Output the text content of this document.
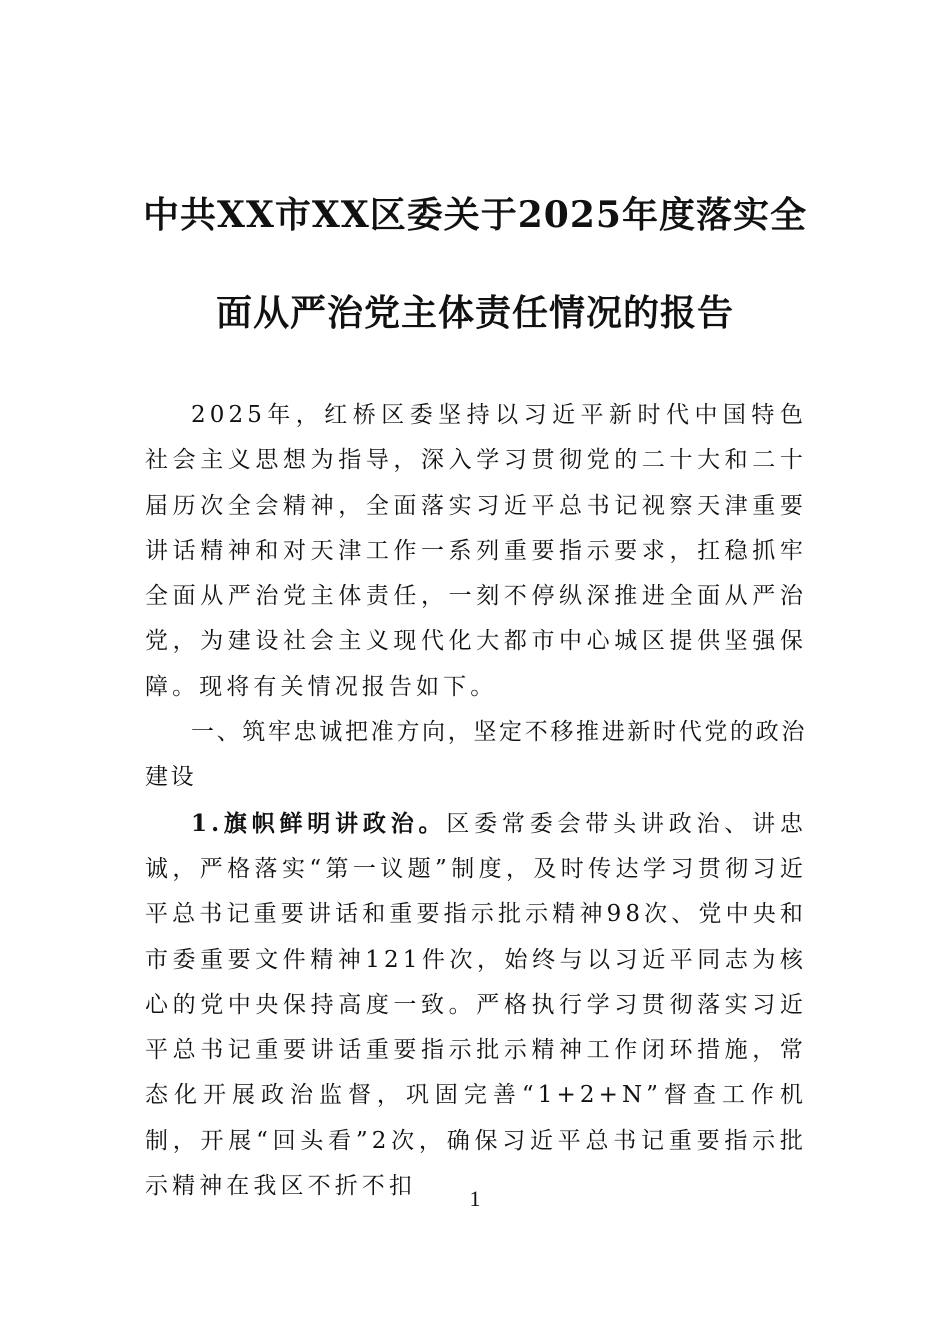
中共XX市XX区委关于2025年度落实全
面从严治党主体责任情况的报告

2025年，红桥区委坚持以习近平新时代中国特色社会主义思想为指导，深入学习贯彻党的二十大和二十届历次全会精神，全面落实习近平总书记视察天津重要讲话精神和对天津工作一系列重要指示要求，扛稳抓牢全面从严治党主体责任，一刻不停纵深推进全面从严治党，为建设社会主义现代化大都市中心城区提供坚强保障。现将有关情况报告如下。

一、筑牢忠诚把准方向，坚定不移推进新时代党的政治建设

1.旗帜鲜明讲政治。区委常委会带头讲政治、讲忠诚，严格落实“第一议题”制度，及时传达学习贯彻习近平总书记重要讲话和重要指示批示精神98次、党中央和市委重要文件精神121件次，始终与以习近平同志为核心的党中央保持高度一致。严格执行学习贯彻落实习近平总书记重要讲话重要指示批示精神工作闭环措施，常态化开展政治监督，巩固完善“1+2+N”督查工作机制，开展“回头看”2次，确保习近平总书记重要指示批示精神在我区不折不扣	1
